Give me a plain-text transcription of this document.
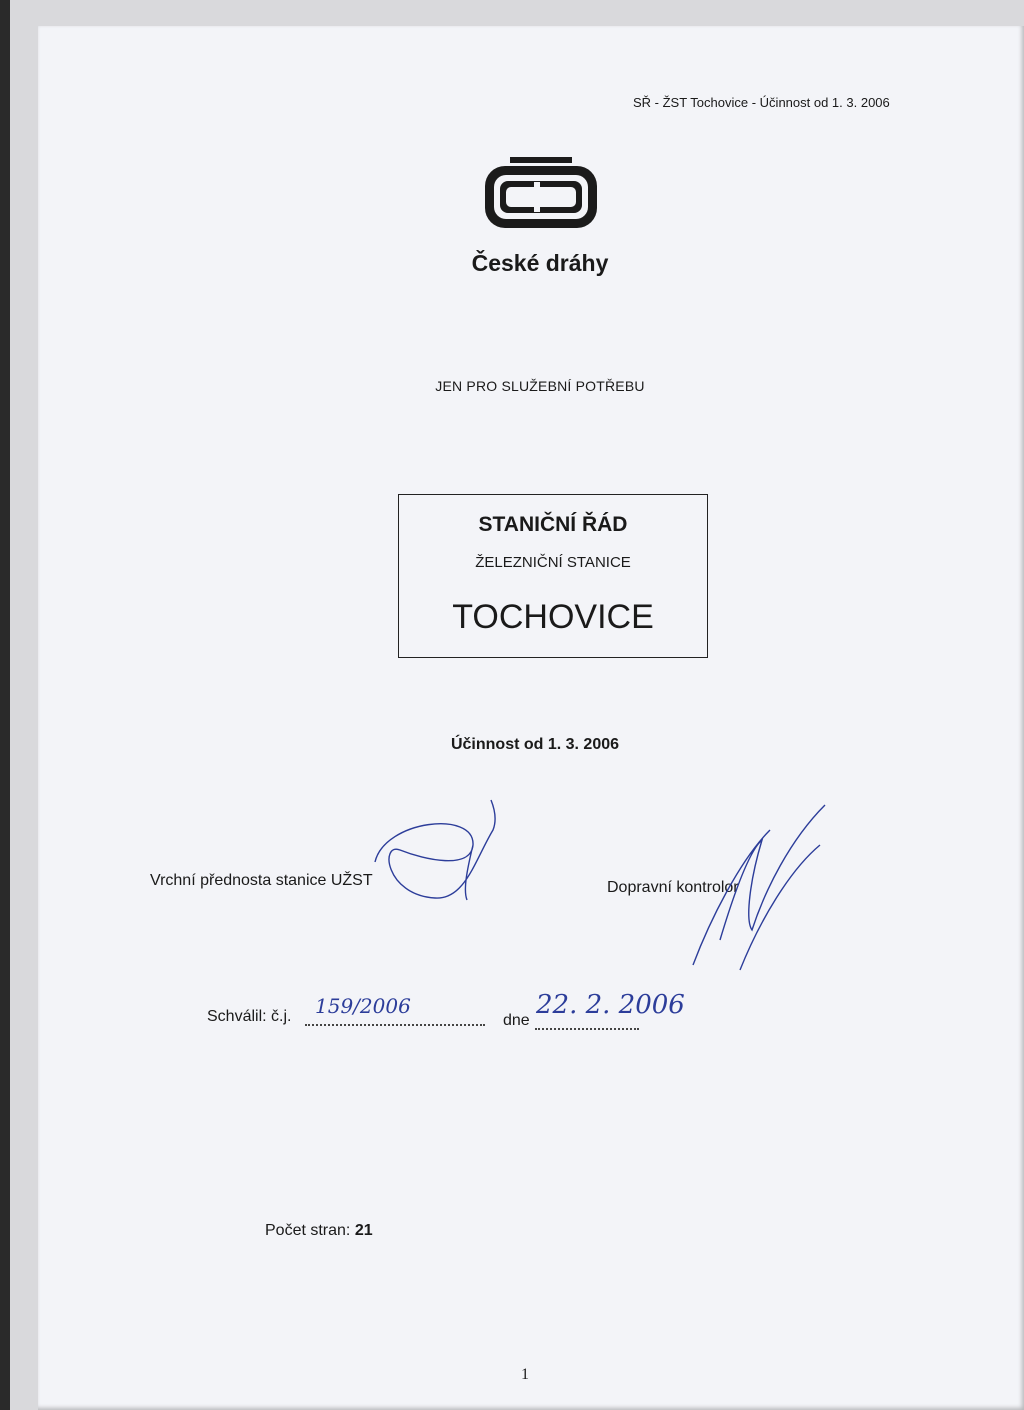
SŘ - ŽST Tochovice - Účinnost od 1. 3. 2006
České dráhy
JEN PRO SLUŽEBNÍ POTŘEBU
STANIČNÍ ŘÁD
ŽELEZNIČNÍ STANICE
TOCHOVICE
Účinnost od 1. 3. 2006
Vrchní přednosta stanice UŽST	Dopravní kontrolor
Schválil: č.j. 159/2006
dne
22. 2. 2006
Počet stran: 21
1
